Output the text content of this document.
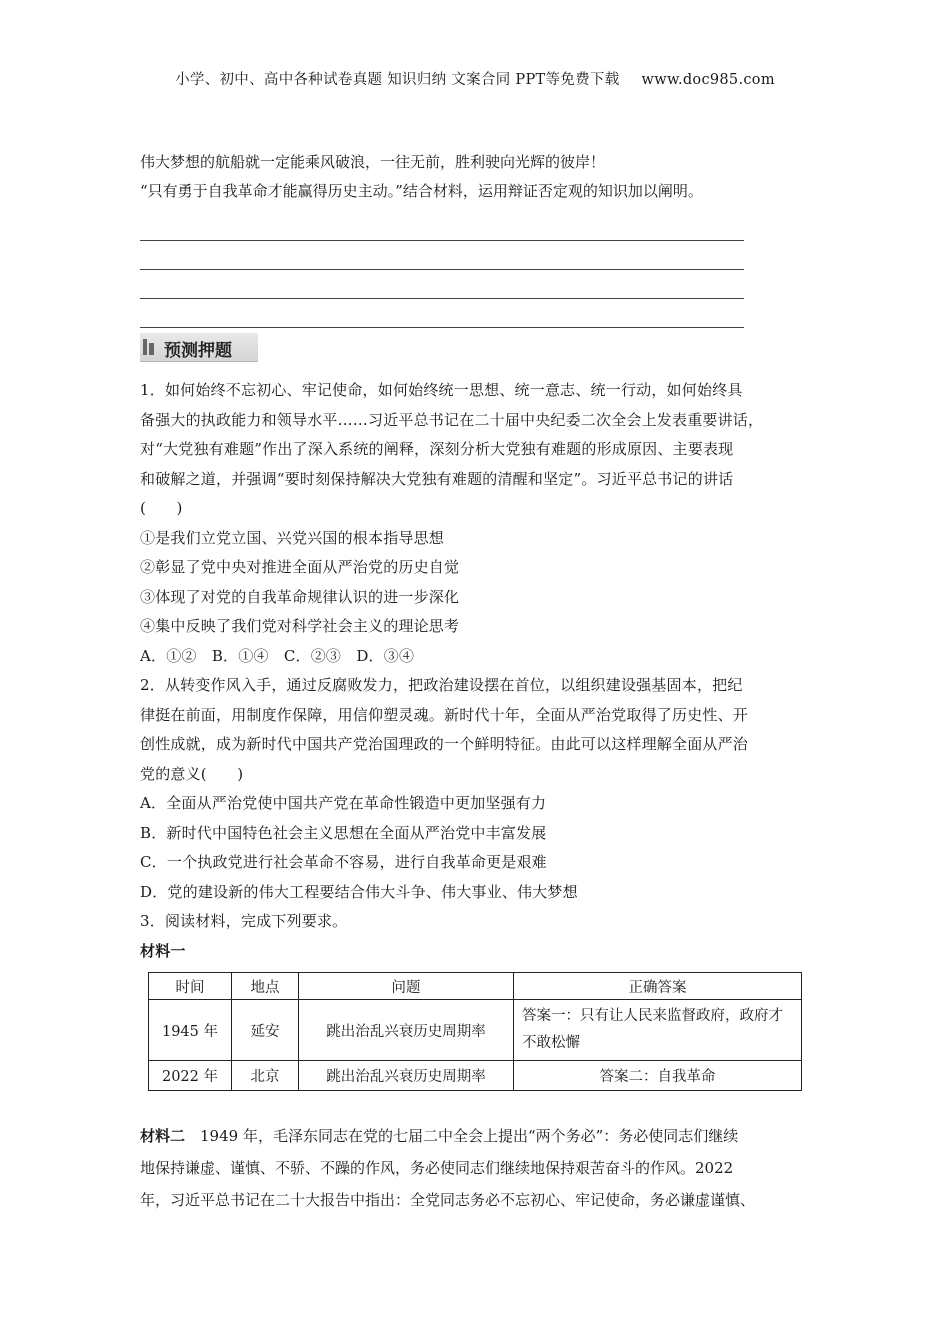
小学、初中、高中各种试卷真题 知识归纳 文案合同 PPT等免费下载 www.doc985.com
伟大梦想的航船就一定能乘风破浪，一往无前，胜利驶向光辉的彼岸！
“只有勇于自我革命才能赢得历史主动。”结合材料，运用辩证否定观的知识加以阐明。
预测押题
1．如何始终不忘初心、牢记使命，如何始终统一思想、统一意志、统一行动，如何始终具
备强大的执政能力和领导水平……习近平总书记在二十届中央纪委二次全会上发表重要讲话，
对“大党独有难题”作出了深入系统的阐释，深刻分析大党独有难题的形成原因、主要表现
和破解之道，并强调“要时刻保持解决大党独有难题的清醒和坚定”。习近平总书记的讲话
(　　)
①是我们立党立国、兴党兴国的根本指导思想
②彰显了党中央对推进全面从严治党的历史自觉
③体现了对党的自我革命规律认识的进一步深化
④集中反映了我们党对科学社会主义的理论思考
A．①②　B．①④　C．②③　D．③④
2．从转变作风入手，通过反腐败发力，把政治建设摆在首位，以组织建设强基固本，把纪
律挺在前面，用制度作保障，用信仰塑灵魂。新时代十年，全面从严治党取得了历史性、开
创性成就，成为新时代中国共产党治国理政的一个鲜明特征。由此可以这样理解全面从严治
党的意义(　　)
A．全面从严治党使中国共产党在革命性锻造中更加坚强有力
B．新时代中国特色社会主义思想在全面从严治党中丰富发展
C．一个执政党进行社会革命不容易，进行自我革命更是艰难
D．党的建设新的伟大工程要结合伟大斗争、伟大事业、伟大梦想
3．阅读材料，完成下列要求。
材料一
时间	地点	问题	正确答案
1945 年	延安	跳出治乱兴衰历史周期率	答案一：只有让人民来监督政府，政府才不敢松懈
2022 年	北京	跳出治乱兴衰历史周期率	答案二：自我革命
材料二　1949 年，毛泽东同志在党的七届二中全会上提出“两个务必”：务必使同志们继续
地保持谦虚、谨慎、不骄、不躁的作风，务必使同志们继续地保持艰苦奋斗的作风。2022
年，习近平总书记在二十大报告中指出：全党同志务必不忘初心、牢记使命，务必谦虚谨慎、
